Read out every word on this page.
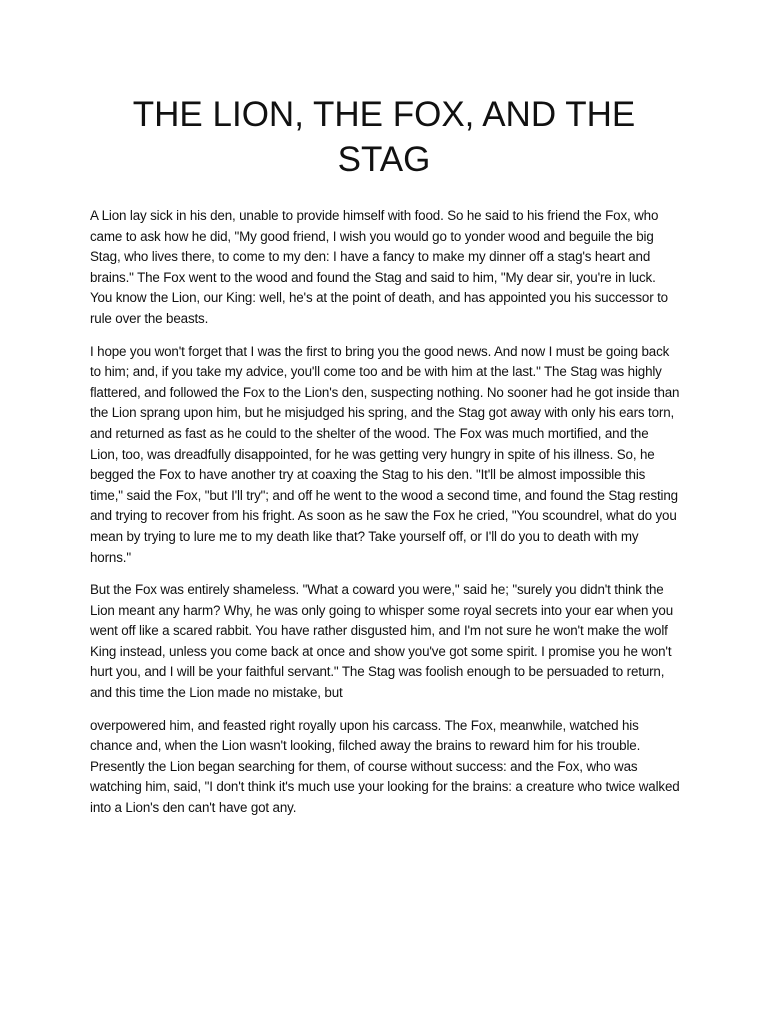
THE LION, THE FOX, AND THE STAG

A Lion lay sick in his den, unable to provide himself with food. So he said to his friend the Fox, who came to ask how he did, "My good friend, I wish you would go to yonder wood and beguile the big Stag, who lives there, to come to my den: I have a fancy to make my dinner off a stag's heart and brains." The Fox went to the wood and found the Stag and said to him, "My dear sir, you're in luck. You know the Lion, our King: well, he's at the point of death, and has appointed you his successor to rule over the beasts.

I hope you won't forget that I was the first to bring you the good news. And now I must be going back to him; and, if you take my advice, you'll come too and be with him at the last." The Stag was highly flattered, and followed the Fox to the Lion's den, suspecting nothing. No sooner had he got inside than the Lion sprang upon him, but he misjudged his spring, and the Stag got away with only his ears torn, and returned as fast as he could to the shelter of the wood. The Fox was much mortified, and the Lion, too, was dreadfully disappointed, for he was getting very hungry in spite of his illness. So, he begged the Fox to have another try at coaxing the Stag to his den. "It'll be almost impossible this time," said the Fox, "but I'll try"; and off he went to the wood a second time, and found the Stag resting and trying to recover from his fright. As soon as he saw the Fox he cried, "You scoundrel, what do you mean by trying to lure me to my death like that? Take yourself off, or I'll do you to death with my horns."

But the Fox was entirely shameless. "What a coward you were," said he; "surely you didn't think the Lion meant any harm? Why, he was only going to whisper some royal secrets into your ear when you went off like a scared rabbit. You have rather disgusted him, and I'm not sure he won't make the wolf King instead, unless you come back at once and show you've got some spirit. I promise you he won't hurt you, and I will be your faithful servant." The Stag was foolish enough to be persuaded to return, and this time the Lion made no mistake, but

overpowered him, and feasted right royally upon his carcass. The Fox, meanwhile, watched his chance and, when the Lion wasn't looking, filched away the brains to reward him for his trouble. Presently the Lion began searching for them, of course without success: and the Fox, who was watching him, said, "I don't think it's much use your looking for the brains: a creature who twice walked into a Lion's den can't have got any.
